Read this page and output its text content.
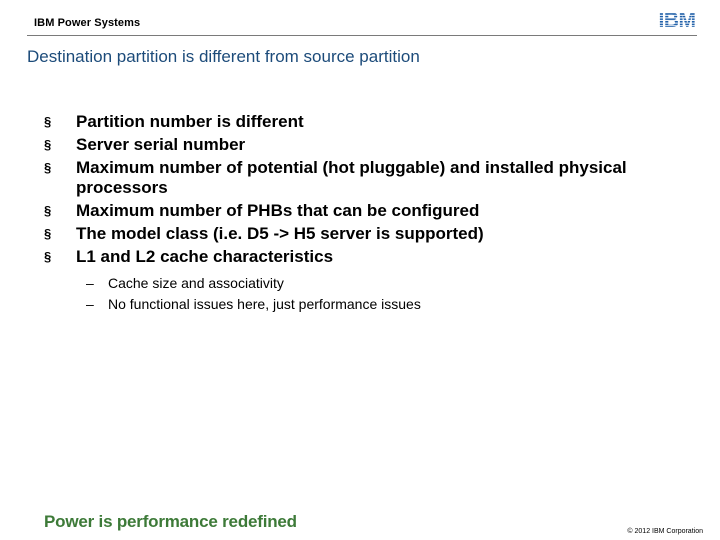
IBM Power Systems
Destination partition is different from source partition
§ Partition number is different
§ Server serial number
§ Maximum number of potential (hot pluggable) and installed physical processors
§ Maximum number of PHBs that can be configured
§ The model class (i.e. D5 -> H5 server is supported)
§ L1 and L2 cache characteristics
– Cache size and associativity
– No functional issues here, just performance issues
Power is performance redefined
© 2012 IBM Corporation
